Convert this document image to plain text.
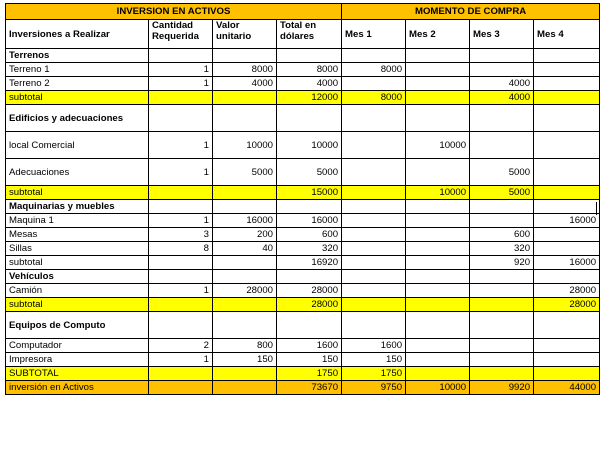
INVERSION EN ACTIVOS				MOMENTO DE COMPRA			
Inversiones a Realizar	Cantidad Requerida	Valor unitario	Total en dólares	Mes 1	Mes 2	Mes 3	Mes 4
Terrenos							
Terreno 1	1	8000	8000	8000			
Terreno 2	1	4000	4000			4000	
subtotal			12000	8000		4000	
Edificios y adecuaciones							
local Comercial	1	10000	10000		10000		
Adecuaciones	1	5000	5000			5000	
subtotal			15000		10000	5000	
Maquinarias y muebles							
Maquina 1	1	16000	16000				16000
Mesas	3	200	600			600	
Sillas	8	40	320			320	
subtotal			16920			920	16000
Vehículos							
Camión	1	28000	28000				28000
subtotal			28000				28000
Equipos de Computo							
Computador	2	800	1600	1600			
Impresora	1	150	150	150			
SUBTOTAL			1750	1750			
inversión en Activos			73670	9750	10000	9920	44000
